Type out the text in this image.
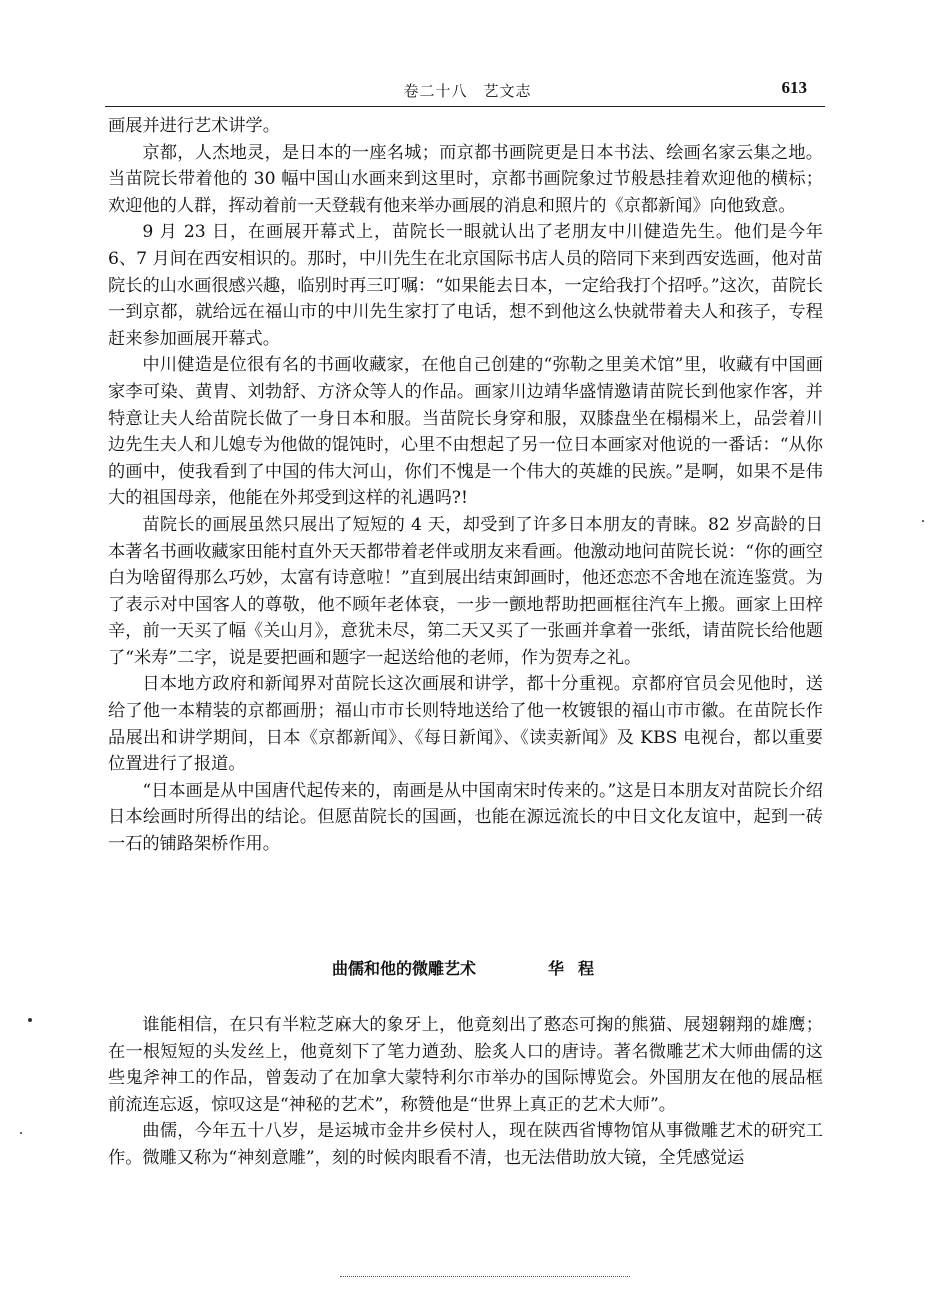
卷二十八　艺文志	613

画展并进行艺术讲学。

京都，人杰地灵，是日本的一座名城；而京都书画院更是日本书法、绘画名家云集之地。当苗院长带着他的 30 幅中国山水画来到这里时，京都书画院象过节般悬挂着欢迎他的横标；欢迎他的人群，挥动着前一天登载有他来举办画展的消息和照片的《京都新闻》向他致意。

9 月 23 日，在画展开幕式上，苗院长一眼就认出了老朋友中川健造先生。他们是今年 6、7 月间在西安相识的。那时，中川先生在北京国际书店人员的陪同下来到西安选画，他对苗院长的山水画很感兴趣，临别时再三叮嘱：“如果能去日本，一定给我打个招呼。”这次，苗院长一到京都，就给远在福山市的中川先生家打了电话，想不到他这么快就带着夫人和孩子，专程赶来参加画展开幕式。

中川健造是位很有名的书画收藏家，在他自己创建的“弥勒之里美术馆”里，收藏有中国画家李可染、黄胄、刘勃舒、方济众等人的作品。画家川边靖华盛情邀请苗院长到他家作客，并特意让夫人给苗院长做了一身日本和服。当苗院长身穿和服，双膝盘坐在榻榻米上，品尝着川边先生夫人和儿媳专为他做的馄饨时，心里不由想起了另一位日本画家对他说的一番话：“从你的画中，使我看到了中国的伟大河山，你们不愧是一个伟大的英雄的民族。”是啊，如果不是伟大的祖国母亲，他能在外邦受到这样的礼遇吗?!

苗院长的画展虽然只展出了短短的 4 天，却受到了许多日本朋友的青睐。82 岁高龄的日本著名书画收藏家田能村直外天天都带着老伴或朋友来看画。他激动地问苗院长说：“你的画空白为啥留得那么巧妙，太富有诗意啦！”直到展出结束卸画时，他还恋恋不舍地在流连鉴赏。为了表示对中国客人的尊敬，他不顾年老体衰，一步一颤地帮助把画框往汽车上搬。画家上田梓辛，前一天买了幅《关山月》，意犹未尽，第二天又买了一张画并拿着一张纸，请苗院长给他题了“米寿”二字，说是要把画和题字一起送给他的老师，作为贺寿之礼。

日本地方政府和新闻界对苗院长这次画展和讲学，都十分重视。京都府官员会见他时，送给了他一本精装的京都画册；福山市市长则特地送给了他一枚镀银的福山市市徽。在苗院长作品展出和讲学期间，日本《京都新闻》、《每日新闻》、《读卖新闻》及 KBS 电视台，都以重要位置进行了报道。

“日本画是从中国唐代起传来的，南画是从中国南宋时传来的。”这是日本朋友对苗院长介绍日本绘画时所得出的结论。但愿苗院长的国画，也能在源远流长的中日文化友谊中，起到一砖一石的铺路架桥作用。

曲儒和他的微雕艺术	华程

谁能相信，在只有半粒芝麻大的象牙上，他竟刻出了憨态可掬的熊猫、展翅翱翔的雄鹰；在一根短短的头发丝上，他竟刻下了笔力遒劲、脍炙人口的唐诗。著名微雕艺术大师曲儒的这些鬼斧神工的作品，曾轰动了在加拿大蒙特利尔市举办的国际博览会。外国朋友在他的展品框前流连忘返，惊叹这是“神秘的艺术”，称赞他是“世界上真正的艺术大师”。

曲儒，今年五十八岁，是运城市金井乡侯村人，现在陕西省博物馆从事微雕艺术的研究工作。微雕又称为“神刻意雕”，刻的时候肉眼看不清，也无法借助放大镜，全凭感觉运
